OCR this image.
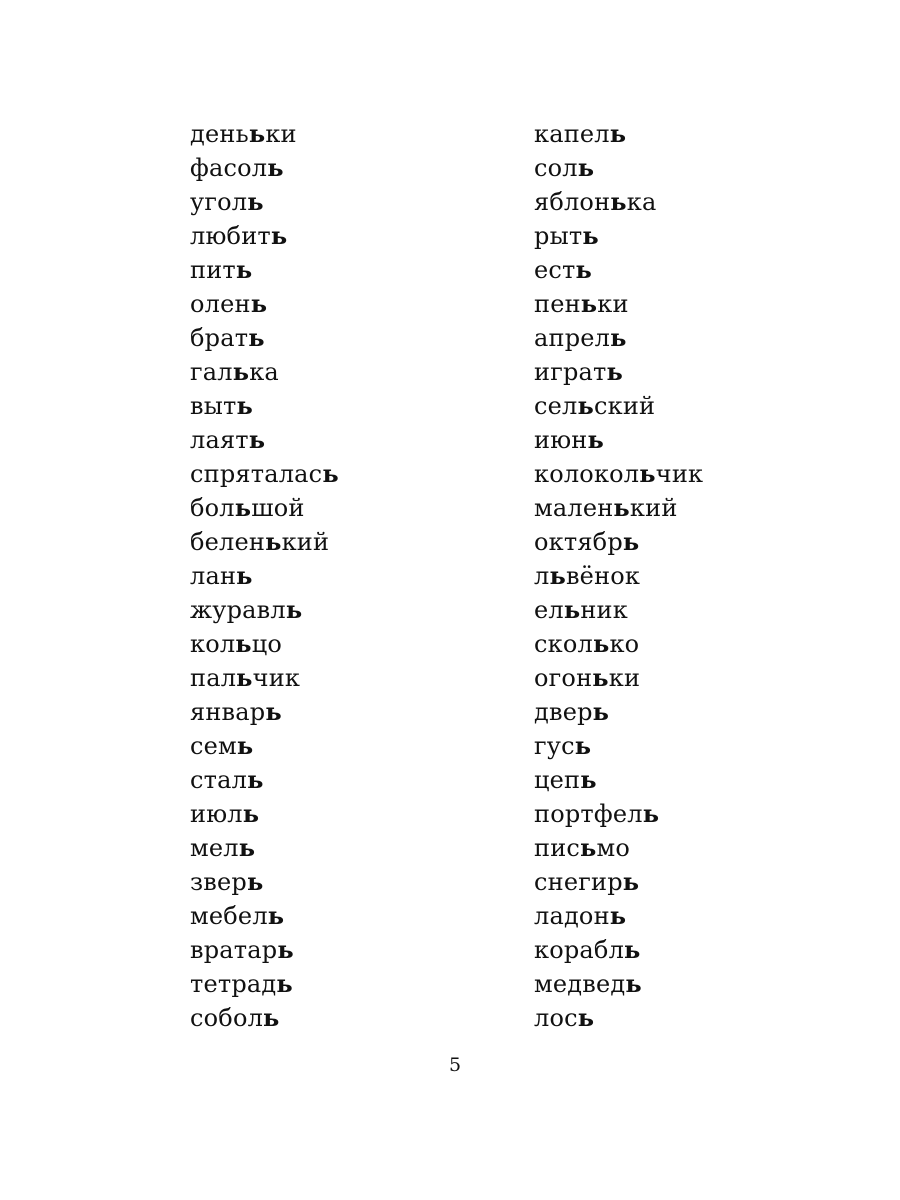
денььки
фасоль
уголь
любить
пить
олень
брать
галька
выть
лаять
спряталась
большой
беленький
лань
журавль
кольцо
пальчик
январь
семь
сталь
июль
мель
зверь
мебель
вратарь
тетрадь
соболь
капель
соль
яблонька
рыть
есть
пеньки
апрель
играть
сельский
июнь
колокольчик
маленький
октябрь
львёнок
ельник
сколько
огоньки
дверь
гусь
цепь
портфель
письмо
снегирь
ладонь
корабль
медведь
лось
5
